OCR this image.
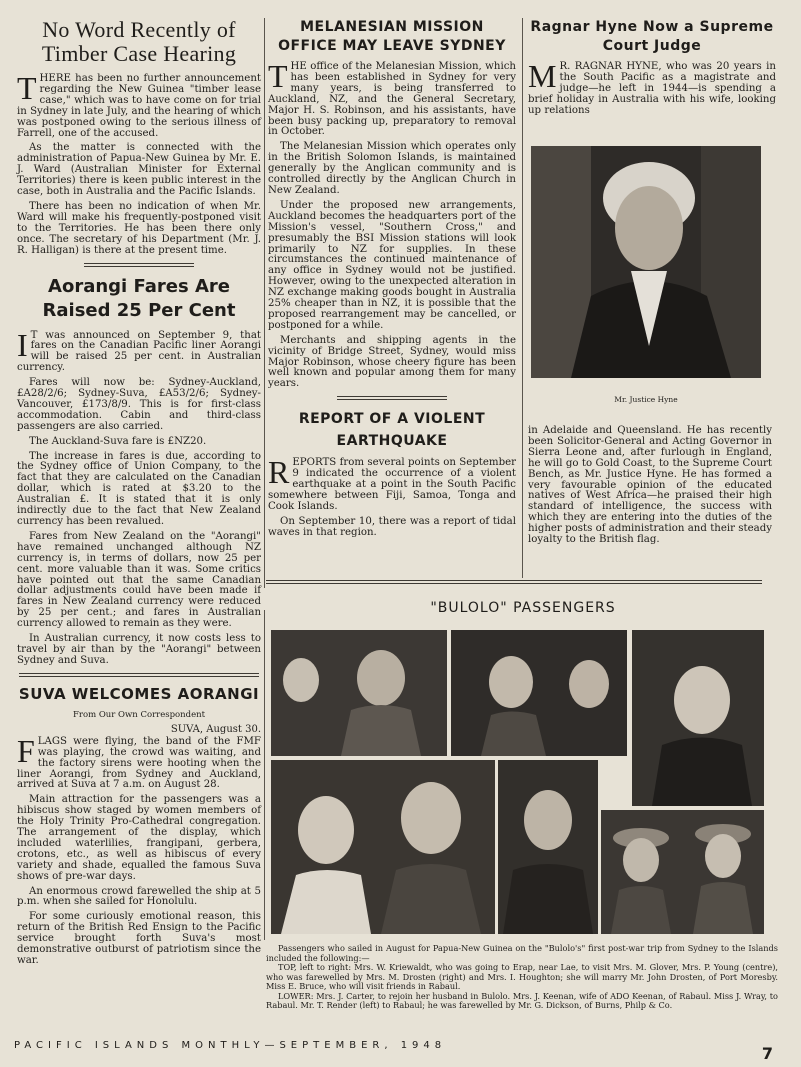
No Word Recently of Timber Case Hearing

THERE has been no further announcement regarding the New Guinea "timber lease case," which was to have come on for trial in Sydney in late July, and the hearing of which was postponed owing to the serious illness of Farrell, one of the accused.

As the matter is connected with the administration of Papua-New Guinea by Mr. E. J. Ward (Australian Minister for External Territories) there is keen public interest in the case, both in Australia and the Pacific Islands.

There has been no indication of when Mr. Ward will make his frequently-postponed visit to the Territories. He has been there only once. The secretary of his Department (Mr. J. R. Halligan) is there at the present time.

Aorangi Fares Are Raised 25 Per Cent

I T was announced on September 9, that fares on the Canadian Pacific liner Aorangi will be raised 25 per cent. in Australian currency.

Fares will now be: Sydney-Auckland, £A28/2/6; Sydney-Suva, £A53/2/6; Sydney-Vancouver, £173/8/9. This is for first-class accommodation. Cabin and third-class passengers are also carried.

The Auckland-Suva fare is £NZ20.

The increase in fares is due, according to the Sydney office of Union Company, to the fact that they are calculated on the Canadian dollar, which is rated at $3.20 to the Australian £. It is stated that it is only indirectly due to the fact that New Zealand currency has been revalued.

Fares from New Zealand on the "Aorangi" have remained unchanged although NZ currency is, in terms of dollars, now 25 per cent. more valuable than it was. Some critics have pointed out that the same Canadian dollar adjustments could have been made if fares in New Zealand currency were reduced by 25 per cent.; and fares in Australian currency allowed to remain as they were.

In Australian currency, it now costs less to travel by air than by the "Aorangi" between Sydney and Suva.

SUVA WELCOMES AORANGI
From Our Own Correspondent
SUVA, August 30.

FLAGS were flying, the band of the FMF was playing, the crowd was waiting, and the factory sirens were hooting when the liner Aorangi, from Sydney and Auckland, arrived at Suva at 7 a.m. on August 28.

Main attraction for the passengers was a hibiscus show staged by women members of the Holy Trinity Pro-Cathedral congregation. The arrangement of the display, which included waterlilies, frangipani, gerbera, crotons, etc., as well as hibiscus of every variety and shade, equalled the famous Suva shows of pre-war days.

An enormous crowd farewelled the ship at 5 p.m. when she sailed for Honolulu.

For some curiously emotional reason, this return of the British Red Ensign to the Pacific service brought forth Suva's most demonstrative outburst of patriotism since the war.

MELANESIAN MISSION OFFICE MAY LEAVE SYDNEY

THE office of the Melanesian Mission, which has been established in Sydney for very many years, is being transferred to Auckland, NZ, and the General Secretary, Major H. S. Robinson, and his assistants, have been busy packing up, preparatory to removal in October.

The Melanesian Mission which operates only in the British Solomon Islands, is maintained generally by the Anglican community and is controlled directly by the Anglican Church in New Zealand.

Under the proposed new arrangements, Auckland becomes the headquarters port of the Mission's vessel, "Southern Cross," and presumably the BSI Mission stations will look primarily to NZ for supplies. In these circumstances the continued maintenance of any office in Sydney would not be justified. However, owing to the unexpected alteration in NZ exchange making goods bought in Australia 25% cheaper than in NZ, it is possible that the proposed rearrangement may be cancelled, or postponed for a while.

Merchants and shipping agents in the vicinity of Bridge Street, Sydney, would miss Major Robinson, whose cheery figure has been well known and popular among them for many years.

REPORT OF A VIOLENT EARTHQUAKE

REPORTS from several points on September 9 indicated the occurrence of a violent earthquake at a point in the South Pacific somewhere between Fiji, Samoa, Tonga and Cook Islands.

On September 10, there was a report of tidal waves in that region.

Ragnar Hyne Now a Supreme Court Judge

M R. RAGNAR HYNE, who was 20 years in the South Pacific as a magistrate and judge—he left in 1944—is spending a brief holiday in Australia with his wife, looking up relations

Mr. Justice Hyne

in Adelaide and Queensland. He has recently been Solicitor-General and Acting Governor in Sierra Leone and, after furlough in England, he will go to Gold Coast, to the Supreme Court Bench, as Mr. Justice Hyne. He has formed a very favourable opinion of the educated natives of West Africa—he praised their high standard of intelligence, the success with which they are entering into the duties of the higher posts of administration and their steady loyalty to the British flag.

"BULOLO" PASSENGERS

Passengers who sailed in August for Papua-New Guinea on the "Bulolo's" first post-war trip from Sydney to the Islands included the following:—

TOP, left to right: Mrs. W. Kriewaldt, who was going to Erap, near Lae, to visit Mrs. M. Glover, Mrs. P. Young (centre), who was farewelled by Mrs. M. Drosten (right) and Mrs. I. Houghton; she will marry Mr. John Drosten, of Port Moresby. Miss E. Bruce, who will visit friends in Rabaul.

LOWER: Mrs. J. Carter, to rejoin her husband in Bulolo. Mrs. J. Keenan, wife of ADO Keenan, of Rabaul. Miss J. Wray, to Rabaul. Mr. T. Render (left) to Rabaul; he was farewelled by Mr. G. Dickson, of Burns, Philp & Co.

PACIFIC ISLANDS MONTHLY—SEPTEMBER, 1948	7
